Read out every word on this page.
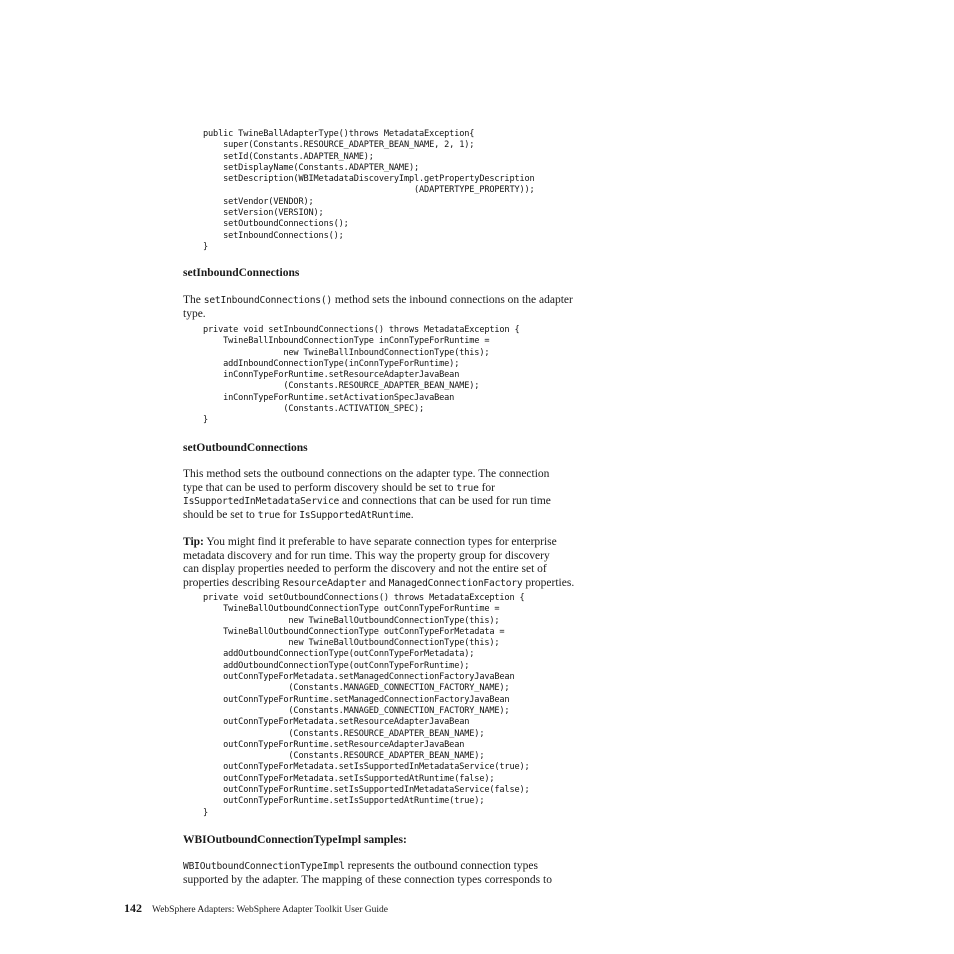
public TwineBallAdapterType()throws MetadataException{
super(Constants.RESOURCE_ADAPTER_BEAN_NAME, 2, 1);
setId(Constants.ADAPTER_NAME);
setDisplayName(Constants.ADAPTER_NAME);
setDescription(WBIMetadataDiscoveryImpl.getPropertyDescription
(ADAPTERTYPE_PROPERTY));
setVendor(VENDOR);
setVersion(VERSION);
setOutboundConnections();
setInboundConnections();
}
setInboundConnections
The setInboundConnections() method sets the inbound connections on the adapter
type.
private void setInboundConnections() throws MetadataException {
TwineBallInboundConnectionType inConnTypeForRuntime =
new TwineBallInboundConnectionType(this);
addInboundConnectionType(inConnTypeForRuntime);
inConnTypeForRuntime.setResourceAdapterJavaBean
(Constants.RESOURCE_ADAPTER_BEAN_NAME);
inConnTypeForRuntime.setActivationSpecJavaBean
(Constants.ACTIVATION_SPEC);
}
setOutboundConnections
This method sets the outbound connections on the adapter type. The connection
type that can be used to perform discovery should be set to true for
IsSupportedInMetadataService and connections that can be used for run time
should be set to true for IsSupportedAtRuntime.
Tip: You might find it preferable to have separate connection types for enterprise
metadata discovery and for run time. This way the property group for discovery
can display properties needed to perform the discovery and not the entire set of
properties describing ResourceAdapter and ManagedConnectionFactory properties.
private void setOutboundConnections() throws MetadataException {
TwineBallOutboundConnectionType outConnTypeForRuntime =
new TwineBallOutboundConnectionType(this);
TwineBallOutboundConnectionType outConnTypeForMetadata =
new TwineBallOutboundConnectionType(this);
addOutboundConnectionType(outConnTypeForMetadata);
addOutboundConnectionType(outConnTypeForRuntime);
outConnTypeForMetadata.setManagedConnectionFactoryJavaBean
(Constants.MANAGED_CONNECTION_FACTORY_NAME);
outConnTypeForRuntime.setManagedConnectionFactoryJavaBean
(Constants.MANAGED_CONNECTION_FACTORY_NAME);
outConnTypeForMetadata.setResourceAdapterJavaBean
(Constants.RESOURCE_ADAPTER_BEAN_NAME);
outConnTypeForRuntime.setResourceAdapterJavaBean
(Constants.RESOURCE_ADAPTER_BEAN_NAME);
outConnTypeForMetadata.setIsSupportedInMetadataService(true);
outConnTypeForMetadata.setIsSupportedAtRuntime(false);
outConnTypeForRuntime.setIsSupportedInMetadataService(false);
outConnTypeForRuntime.setIsSupportedAtRuntime(true);
}
WBIOutboundConnectionTypeImpl samples:
WBIOutboundConnectionTypeImpl represents the outbound connection types
supported by the adapter. The mapping of these connection types corresponds to
142 WebSphere Adapters: WebSphere Adapter Toolkit User Guide
